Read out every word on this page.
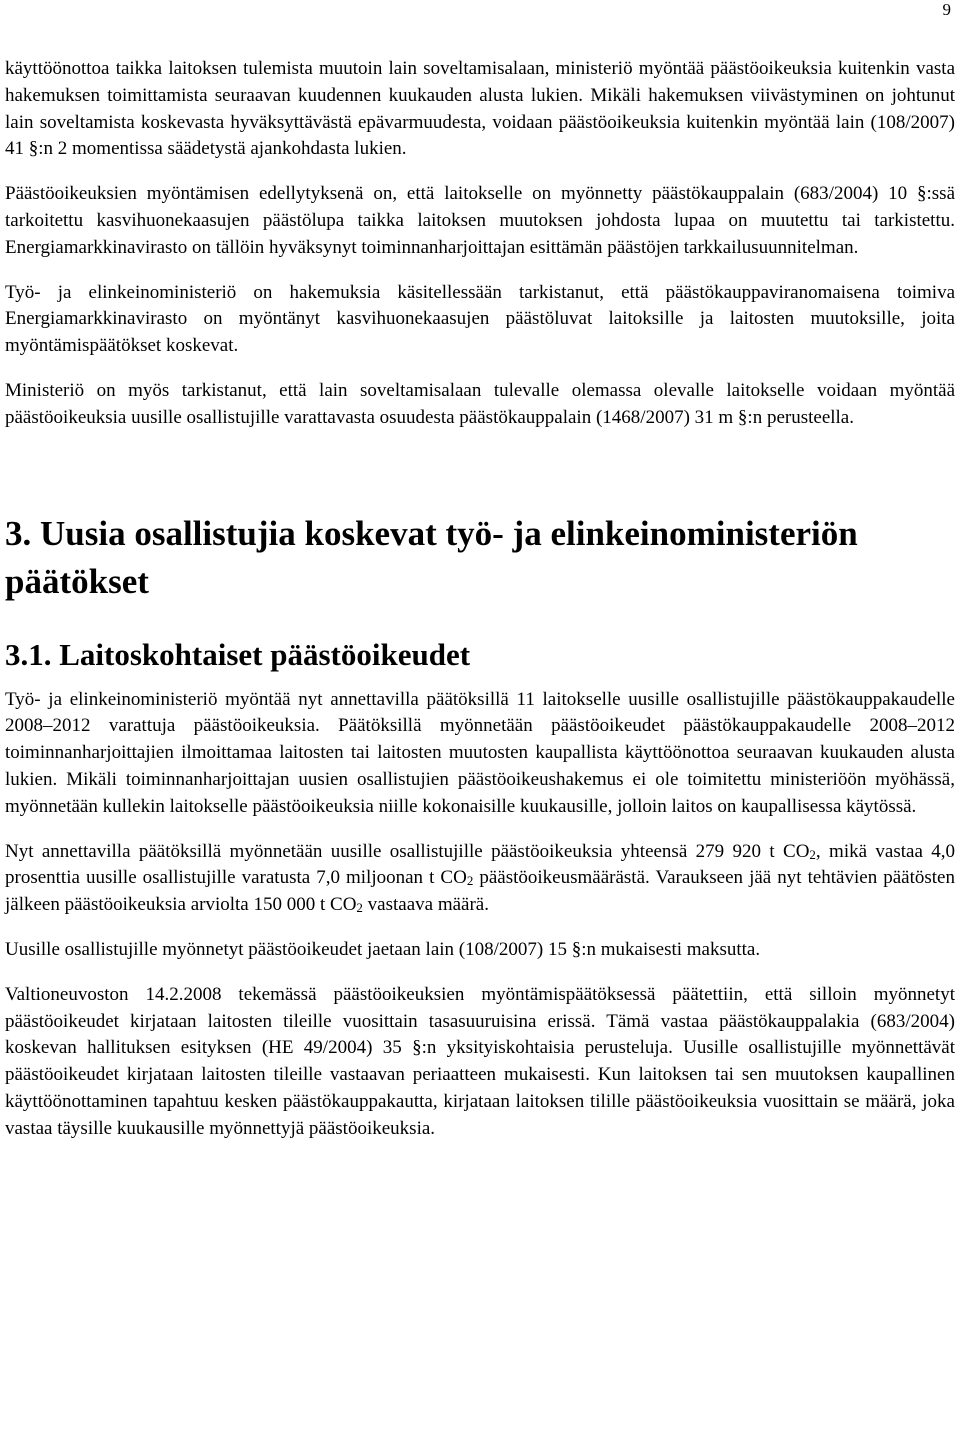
9

käyttöönottoa taikka laitoksen tulemista muutoin lain soveltamisalaan, ministeriö myöntää päästöoikeuksia kuitenkin vasta hakemuksen toimittamista seuraavan kuudennen kuukauden alusta lukien. Mikäli hakemuksen viivästyminen on johtunut lain soveltamista koskevasta hyväksyttävästä epävarmuudesta, voidaan päästöoikeuksia kuitenkin myöntää lain (108/2007) 41 §:n 2 momentissa säädetystä ajankohdasta lukien.

Päästöoikeuksien myöntämisen edellytyksenä on, että laitokselle on myönnetty päästökauppalain (683/2004) 10 §:ssä tarkoitettu kasvihuonekaasujen päästölupa taikka laitoksen muutoksen johdosta lupaa on muutettu tai tarkistettu. Energiamarkkinavirasto on tällöin hyväksynyt toiminnanharjoittajan esittämän päästöjen tarkkailusuunnitelman.

Työ- ja elinkeinoministeriö on hakemuksia käsitellessään tarkistanut, että päästökauppaviranomaisena toimiva Energiamarkkinavirasto on myöntänyt kasvihuonekaasujen päästöluvat laitoksille ja laitosten muutoksille, joita myöntämispäätökset koskevat.

Ministeriö on myös tarkistanut, että lain soveltamisalaan tulevalle olemassa olevalle laitokselle voidaan myöntää päästöoikeuksia uusille osallistujille varattavasta osuudesta päästökauppalain (1468/2007) 31 m §:n perusteella.

3. Uusia osallistujia koskevat työ- ja elinkeinoministeriön päätökset
3.1. Laitoskohtaiset päästöoikeudet

Työ- ja elinkeinoministeriö myöntää nyt annettavilla päätöksillä 11 laitokselle uusille osallistujille päästökauppakaudelle 2008–2012 varattuja päästöoikeuksia. Päätöksillä myönnetään päästöoikeudet päästökauppakaudelle 2008–2012 toiminnanharjoittajien ilmoittamaa laitosten tai laitosten muutosten kaupallista käyttöönottoa seuraavan kuukauden alusta lukien. Mikäli toiminnanharjoittajan uusien osallistujien päästöoikeushakemus ei ole toimitettu ministeriöön myöhässä, myönnetään kullekin laitokselle päästöoikeuksia niille kokonaisille kuukausille, jolloin laitos on kaupallisessa käytössä.

Nyt annettavilla päätöksillä myönnetään uusille osallistujille päästöoikeuksia yhteensä 279 920 t $CO_2$, mikä vastaa 4,0 prosenttia uusille osallistujille varatusta 7,0 miljoonan t $CO_2$ päästöoikeusmäärästä. Varaukseen jää nyt tehtävien päätösten jälkeen päästöoikeuksia arviolta 150 000 t $CO_2$ vastaava määrä.

Uusille osallistujille myönnetyt päästöoikeudet jaetaan lain (108/2007) 15 §:n mukaisesti maksutta.

Valtioneuvoston 14.2.2008 tekemässä päästöoikeuksien myöntämispäätöksessä päätettiin, että silloin myönnetyt päästöoikeudet kirjataan laitosten tileille vuosittain tasasuuruisina erissä. Tämä vastaa päästökauppalakia (683/2004) koskevan hallituksen esityksen (HE 49/2004) 35 §:n yksityiskohtaisia perusteluja. Uusille osallistujille myönnettävät päästöoikeudet kirjataan laitosten tileille vastaavan periaatteen mukaisesti. Kun laitoksen tai sen muutoksen kaupallinen käyttöönottaminen tapahtuu kesken päästökauppakautta, kirjataan laitoksen tilille päästöoikeuksia vuosittain se määrä, joka vastaa täysille kuukausille myönnettyjä päästöoikeuksia.
